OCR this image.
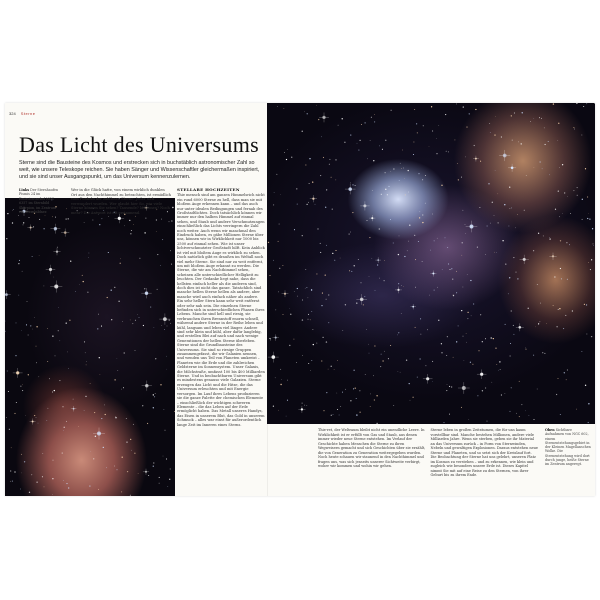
324 Sterne
Das Licht des Universums
Sterne sind die Bausteine des Kosmos und erstrecken sich in buchstäblich astronomischer Zahl so weit, wie unsere Teleskope reichen. Sie haben Sänger und Wissenschaftler gleichermaßen inspiriert, und sie sind unser Ausgangspunkt, um das Universum kennenzulernen.
Links Der Sternhaufen Pismis 24 im Emissionsnebel NGC 6357 im Sternbild Skorpion, im Zentrum ein Sternbildner.
Wer in die Glück hatte, von einem wirklich dunklen Ort aus den Nachthimmel zu betrachten, ist ermüdlich vom Funkeln der zahllosen Sterne: Jeder sich verwundert wurden. Wer glaubt hier So, wie viele Sterne können Sie sehen? Tausende? Millionen? Noch mehr? Die Antwort ist oft erstaunend.
STELLARE HOCHZEITEN
Thie mensch sind am ganzen Himmelsrich nicht ein rund 6000 Sterne zu hell, dass man sie mit bloßem Auge erkennen kann – und das auch nur unter idealen Bedingungen und fernab des Großstadtlichtes. Doch tatsächlich können wir immer nur den halben Himmel auf einmal sehen, und Staub und andere Verschmutzungen einschließlich das Lichts verringern die Zahl noch weiter. Auch wenn wir manchmal den Eindruck haben, es gäbe Millionen Sterne über uns, können wir in Wirklichkeit nur 1000 bis 2500 auf einmal sehen. Wie ist unser lichtverschmutzter Großstadt hilft. Kein Anblick ist viel mit bloßem Auge es wirklich zu sehen. Doch natürlich gibt es draußen im Weltall noch viel mehr Sterne. Sie sind nur zu weit entfernt, um mit bloßem Auge erkannt zu werden. Die Sterne, die wir am Nachthimmel sehen, scheinen alle unterschiedlicher Helligkeit zu leuchten. Der Gedanke liegt nahe, dass die hellsten einfach heller als die anderen sind, doch dies ist nicht das ganze. Tatsächlich sind manche hellen Sterne hellen als andere, aber manche wird auch einfach näher als andere. Ein sehr heller Stern kann sehr weit entfernt oder sehr nah sein. Die einzelnen Sterne befinden sich in unterschiedlichen Phasen ihres Lebens. Manche sind hell und riesig, sie verbrauchen ihren Brennstoff enorm schnell, während andere Sterne in der Reihe leben und kühl, langsam und leben viel länger. Andere sind sehr klein und kühl, aber dafür langlebig, und erstellen Blei auf nach und nach wenige Generationen der hellen Sterne überleben. Sterne sind die Grundbausteine des Universums. Sie sind so riesige Gruppen zusammengefasst, die wir Galaxien nennen, und wenden uns Teil von Planeten umkreist – Planeten wie die Erde und die zahlreichen Geldsterne im Sonnensystem. Unser Galaxis, die Milchstraße, umfasst 100 bis 400 Milliarden Sterne. Und in beobachtbaren Universum gibt es mindestens genauso viele Galaxien. Sterne erzeugen das Licht und die Hitze, die das Universum erleuchten und mit Energie versorgen. Im Lauf ihres Lebens produzieren sie die ganze Palette der chemischen Elemente – einschließlich der wichtigen schweren Elemente – die das Leben auf der Erde ermöglicht haben. Das Metall unseres Handys, das Eisen in unserem Blut, das Gold in unserem Schmuck – alles war einst für außerordentlich lange Zeit im Inneren eines Sterns.
Thie-ret, der Weltraum bleibt nicht ein unendliche Leere. In Wirklichkeit ist er erfüllt von Gas und Staub, aus denen immer wieder neue Sterne entstehen. Im Verlauf der Geschichte haben Menschen die Sterne zu ihren Wegweisern gemacht und sich Geschichten über sie erzählt, die von Generation zu Generation weitergegeben wurden. Noch heute schauen wir staunend in den Nachthimmel und fragen uns, was sich jenseits unserer Sichtweite verbirgt, woher wir kommen und wohin wir gehen.
Sterne leben in großen Zeiträumen, die für uns kaum vorstellbar sind. Manche bestehen Millionen, andere viele Milliarden Jahre. Wenn sie sterben, geben sie ihr Material an das Universum zurück – in Form von Sternwinden, Nebeln und gewaltigen Explosionen. Daraus entstehen neue Sterne und Planeten, und so setzt sich der Kreislauf fort. Die Beobachtung der Sterne hat uns gelehrt, unseren Platz im Kosmos zu verstehen – und zu erkennen, wie klein und zugleich wie besonders unsere Erde ist. Dieses Kapitel nimmt Sie mit auf eine Reise zu den Sternen, von ihrer Geburt bis zu ihrem Ende.
Oben Sichtbare Aufnahmen von NGC 602, einem Sternentstehungsgebiet in der Kleinen Magellanschen Wolke. Die Sternentstehung wird dort durch junge, heiße Sterne im Zentrum angeregt.
